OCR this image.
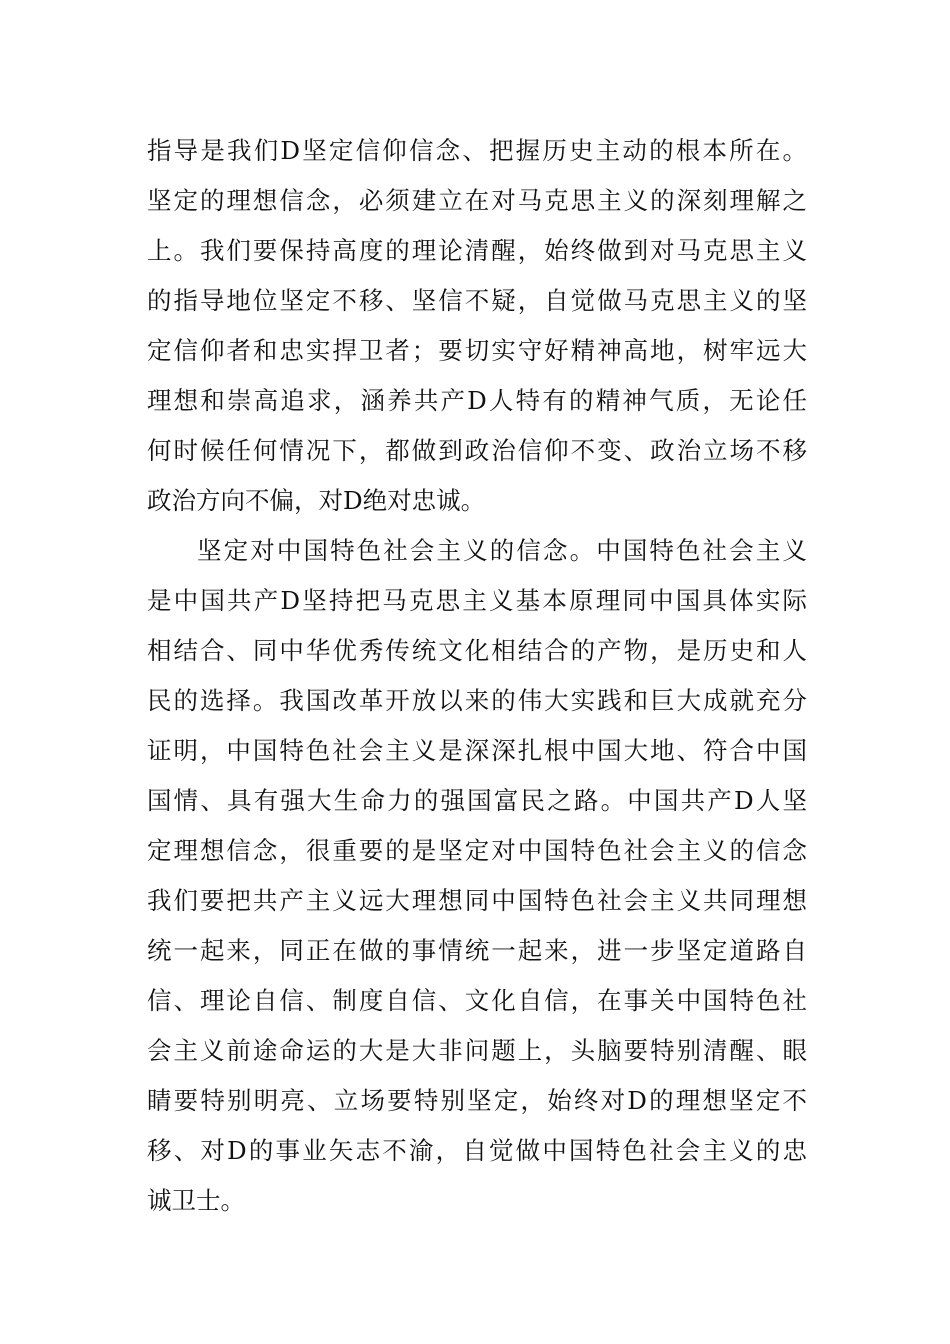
指导是我们D坚定信仰信念、把握历史主动的根本所在。
坚定的理想信念，必须建立在对马克思主义的深刻理解之
上。我们要保持高度的理论清醒，始终做到对马克思主义
的指导地位坚定不移、坚信不疑，自觉做马克思主义的坚
定信仰者和忠实捍卫者；要切实守好精神高地，树牢远大
理想和崇高追求，涵养共产D人特有的精神气质，无论任
何时候任何情况下，都做到政治信仰不变、政治立场不移
政治方向不偏，对D绝对忠诚。
坚定对中国特色社会主义的信念。中国特色社会主义
是中国共产D坚持把马克思主义基本原理同中国具体实际
相结合、同中华优秀传统文化相结合的产物，是历史和人
民的选择。我国改革开放以来的伟大实践和巨大成就充分
证明，中国特色社会主义是深深扎根中国大地、符合中国
国情、具有强大生命力的强国富民之路。中国共产D人坚
定理想信念，很重要的是坚定对中国特色社会主义的信念
我们要把共产主义远大理想同中国特色社会主义共同理想
统一起来，同正在做的事情统一起来，进一步坚定道路自
信、理论自信、制度自信、文化自信，在事关中国特色社
会主义前途命运的大是大非问题上，头脑要特别清醒、眼
睛要特别明亮、立场要特别坚定，始终对D的理想坚定不
移、对D的事业矢志不渝，自觉做中国特色社会主义的忠
诚卫士。
